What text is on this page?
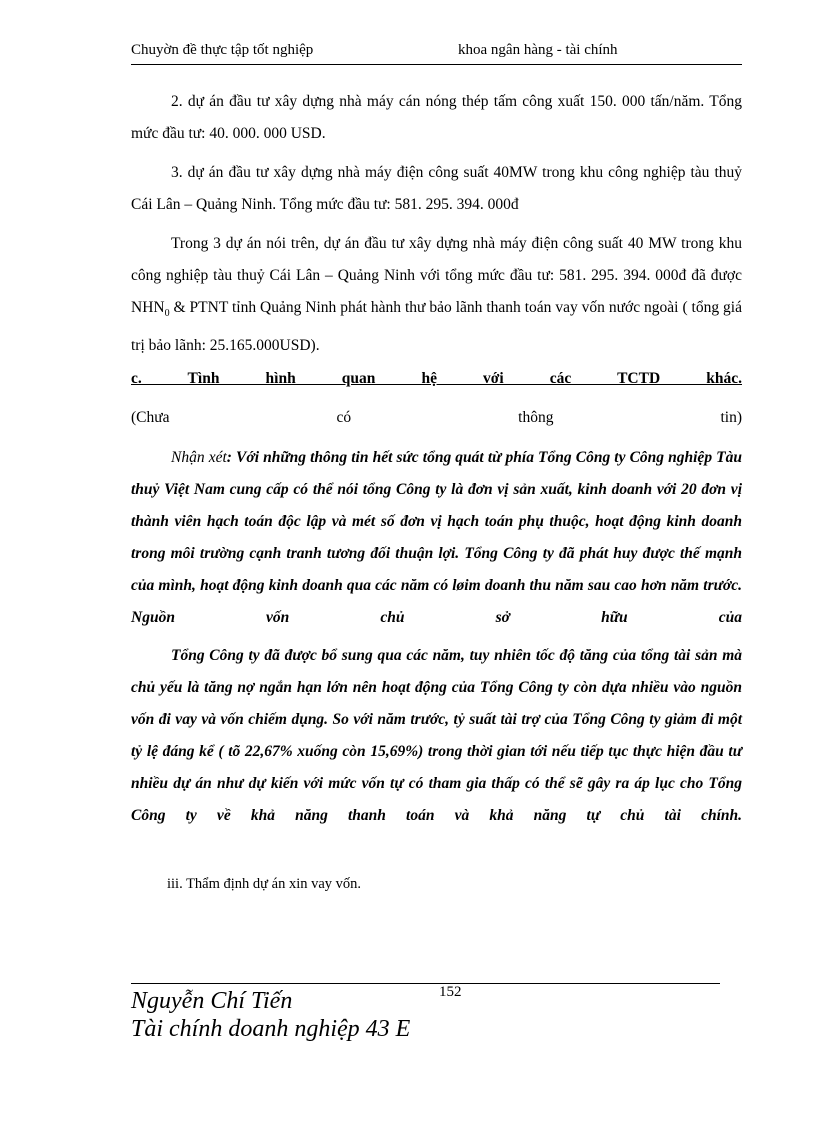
Chuyờn đề thực tập tốt nghiệp	khoa ngân hàng - tài chính

2. dự án đầu tư xây dựng nhà máy cán nóng thép tấm công xuất 150. 000 tấn/năm. Tổng mức đầu tư: 40. 000. 000 USD.

3. dự án đầu tư xây dựng nhà máy điện công suất 40MW trong khu công nghiệp tàu thuỷ Cái Lân – Quảng Ninh. Tổng mức đầu tư: 581. 295. 394. 000đ

Trong 3 dự án nói trên, dự án đầu tư xây dựng nhà máy điện công suất 40 MW trong khu công nghiệp tàu thuỷ Cái Lân – Quảng Ninh với tổng mức đầu tư: 581. 295. 394. 000đ đã được $NHN_0$ & PTNT tỉnh Quảng Ninh phát hành thư bảo lãnh thanh toán vay vốn nước ngoài ( tổng giá trị bảo lãnh: 25.165.000USD).

c. Tình hình quan hệ với các TCTD khác.

(Chưa có thông tin)

Nhận xét: Với những thông tin hết sức tổng quát từ phía Tổng Công ty Công nghiệp Tàu thuỷ Việt Nam cung cấp có thể nói tổng Công ty là đơn vị sản xuất, kinh doanh với 20 đơn vị thành viên hạch toán độc lập và mét số đơn vị hạch toán phụ thuộc, hoạt động kinh doanh trong môi trường cạnh tranh tương đối thuận lợi. Tổng Công ty đã phát huy được thế mạnh của mình, hoạt động kinh doanh qua các năm có løim doanh thu năm sau cao hơn năm trước. Nguồn vốn chủ sở hữu của

Tổng Công ty đã được bổ sung qua các năm, tuy nhiên tốc độ tăng của tổng tài sản mà chủ yếu là tăng nợ ngắn hạn lớn nên hoạt động của Tổng Công ty còn dựa nhiều vào nguồn vốn đi vay và vốn chiếm dụng. So với năm trước, tỷ suất tài trợ của Tổng Công ty giảm đi một tỷ lệ đáng kể ( tõ 22,67% xuống còn 15,69%) trong thời gian tới nếu tiếp tục thực hiện đầu tư nhiều dự án như dự kiến với mức vốn tự có tham gia thấp có thể sẽ gây ra áp lục cho Tổng Công ty về khả năng thanh toán và khả năng tự chủ tài chính.

iii. Thẩm định dự án xin vay vốn.

152
Nguyễn Chí Tiến
Tài chính doanh nghiệp 43 E
